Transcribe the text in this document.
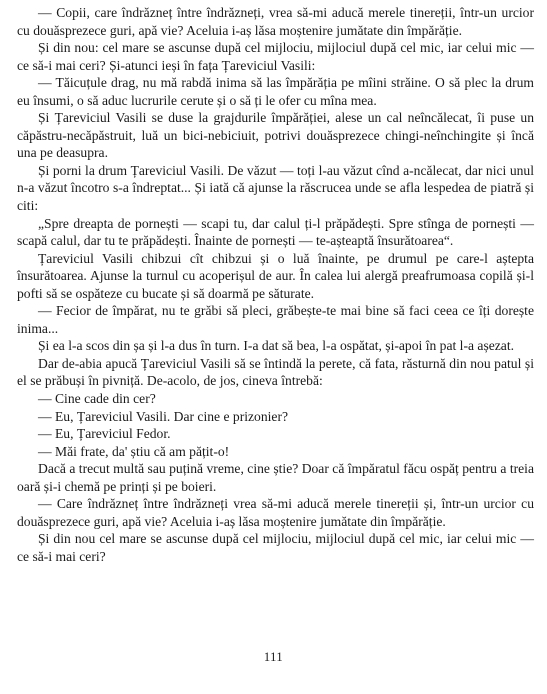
— Copii, care îndrăzneț între îndrăzneți, vrea să-mi aducă merele tinereții, într-un urcior cu douăsprezece guri, apă vie? Aceluia i-aș lăsa moștenire jumătate din împărăție.

Și din nou: cel mare se ascunse după cel mijlociu, mijlociul după cel mic, iar celui mic — ce să-i mai ceri? Și-atunci ieși în fața Țareviciul Vasili:

— Tăicuțule drag, nu mă rabdă inima să las împărăția pe mîini străine. O să plec la drum eu însumi, o să aduc lucrurile cerute și o să ți le ofer cu mîna mea.

Și Țareviciul Vasili se duse la grajdurile împărăției, alese un cal neîncălecat, îi puse un căpăstru-necăpăstruit, luă un bici-nebiciuit, potrivi douăsprezece chingi-neînchingite și încă una pe deasupra.

Și porni la drum Țareviciul Vasili. De văzut — toți l-au văzut cînd a-ncălecat, dar nici unul n-a văzut încotro s-a îndreptat... Și iată că ajunse la răscrucea unde se afla lespedea de piatră și citi:

„Spre dreapta de pornești — scapi tu, dar calul ți-l prăpădești. Spre stînga de pornești — scapă calul, dar tu te prăpădești. Înainte de pornești — te-așteaptă însurătoarea“.

Țareviciul Vasili chibzui cît chibzui și o luă înainte, pe drumul pe care-l aștepta însurătoarea. Ajunse la turnul cu acoperișul de aur. În calea lui alergă preafrumoasa copilă și-l pofti să se ospăteze cu bucate și să doarmă pe săturate.

— Fecior de împărat, nu te grăbi să pleci, grăbește-te mai bine să faci ceea ce îți dorește inima...

Și ea l-a scos din șa și l-a dus în turn. I-a dat să bea, l-a ospătat, și-apoi în pat l-a așezat.

Dar de-abia apucă Țareviciul Vasili să se întindă la perete, că fata, răsturnă din nou patul și el se prăbuși în pivniță. De-acolo, de jos, cineva întrebă:

— Cine cade din cer?

— Eu, Țareviciul Vasili. Dar cine e prizonier?

— Eu, Țareviciul Fedor.

— Măi frate, da' știu că am pățit-o!

Dacă a trecut multă sau puțină vreme, cine știe? Doar că împăratul făcu ospăț pentru a treia oară și-i chemă pe prinți și pe boieri.

— Care îndrăzneț între îndrăzneți vrea să-mi aducă merele tinereții și, într-un urcior cu douăsprezece guri, apă vie? Aceluia i-aș lăsa moștenire jumătate din împărăție.

Și din nou cel mare se ascunse după cel mijlociu, mijlociul după cel mic, iar celui mic — ce să-i mai ceri?

111
